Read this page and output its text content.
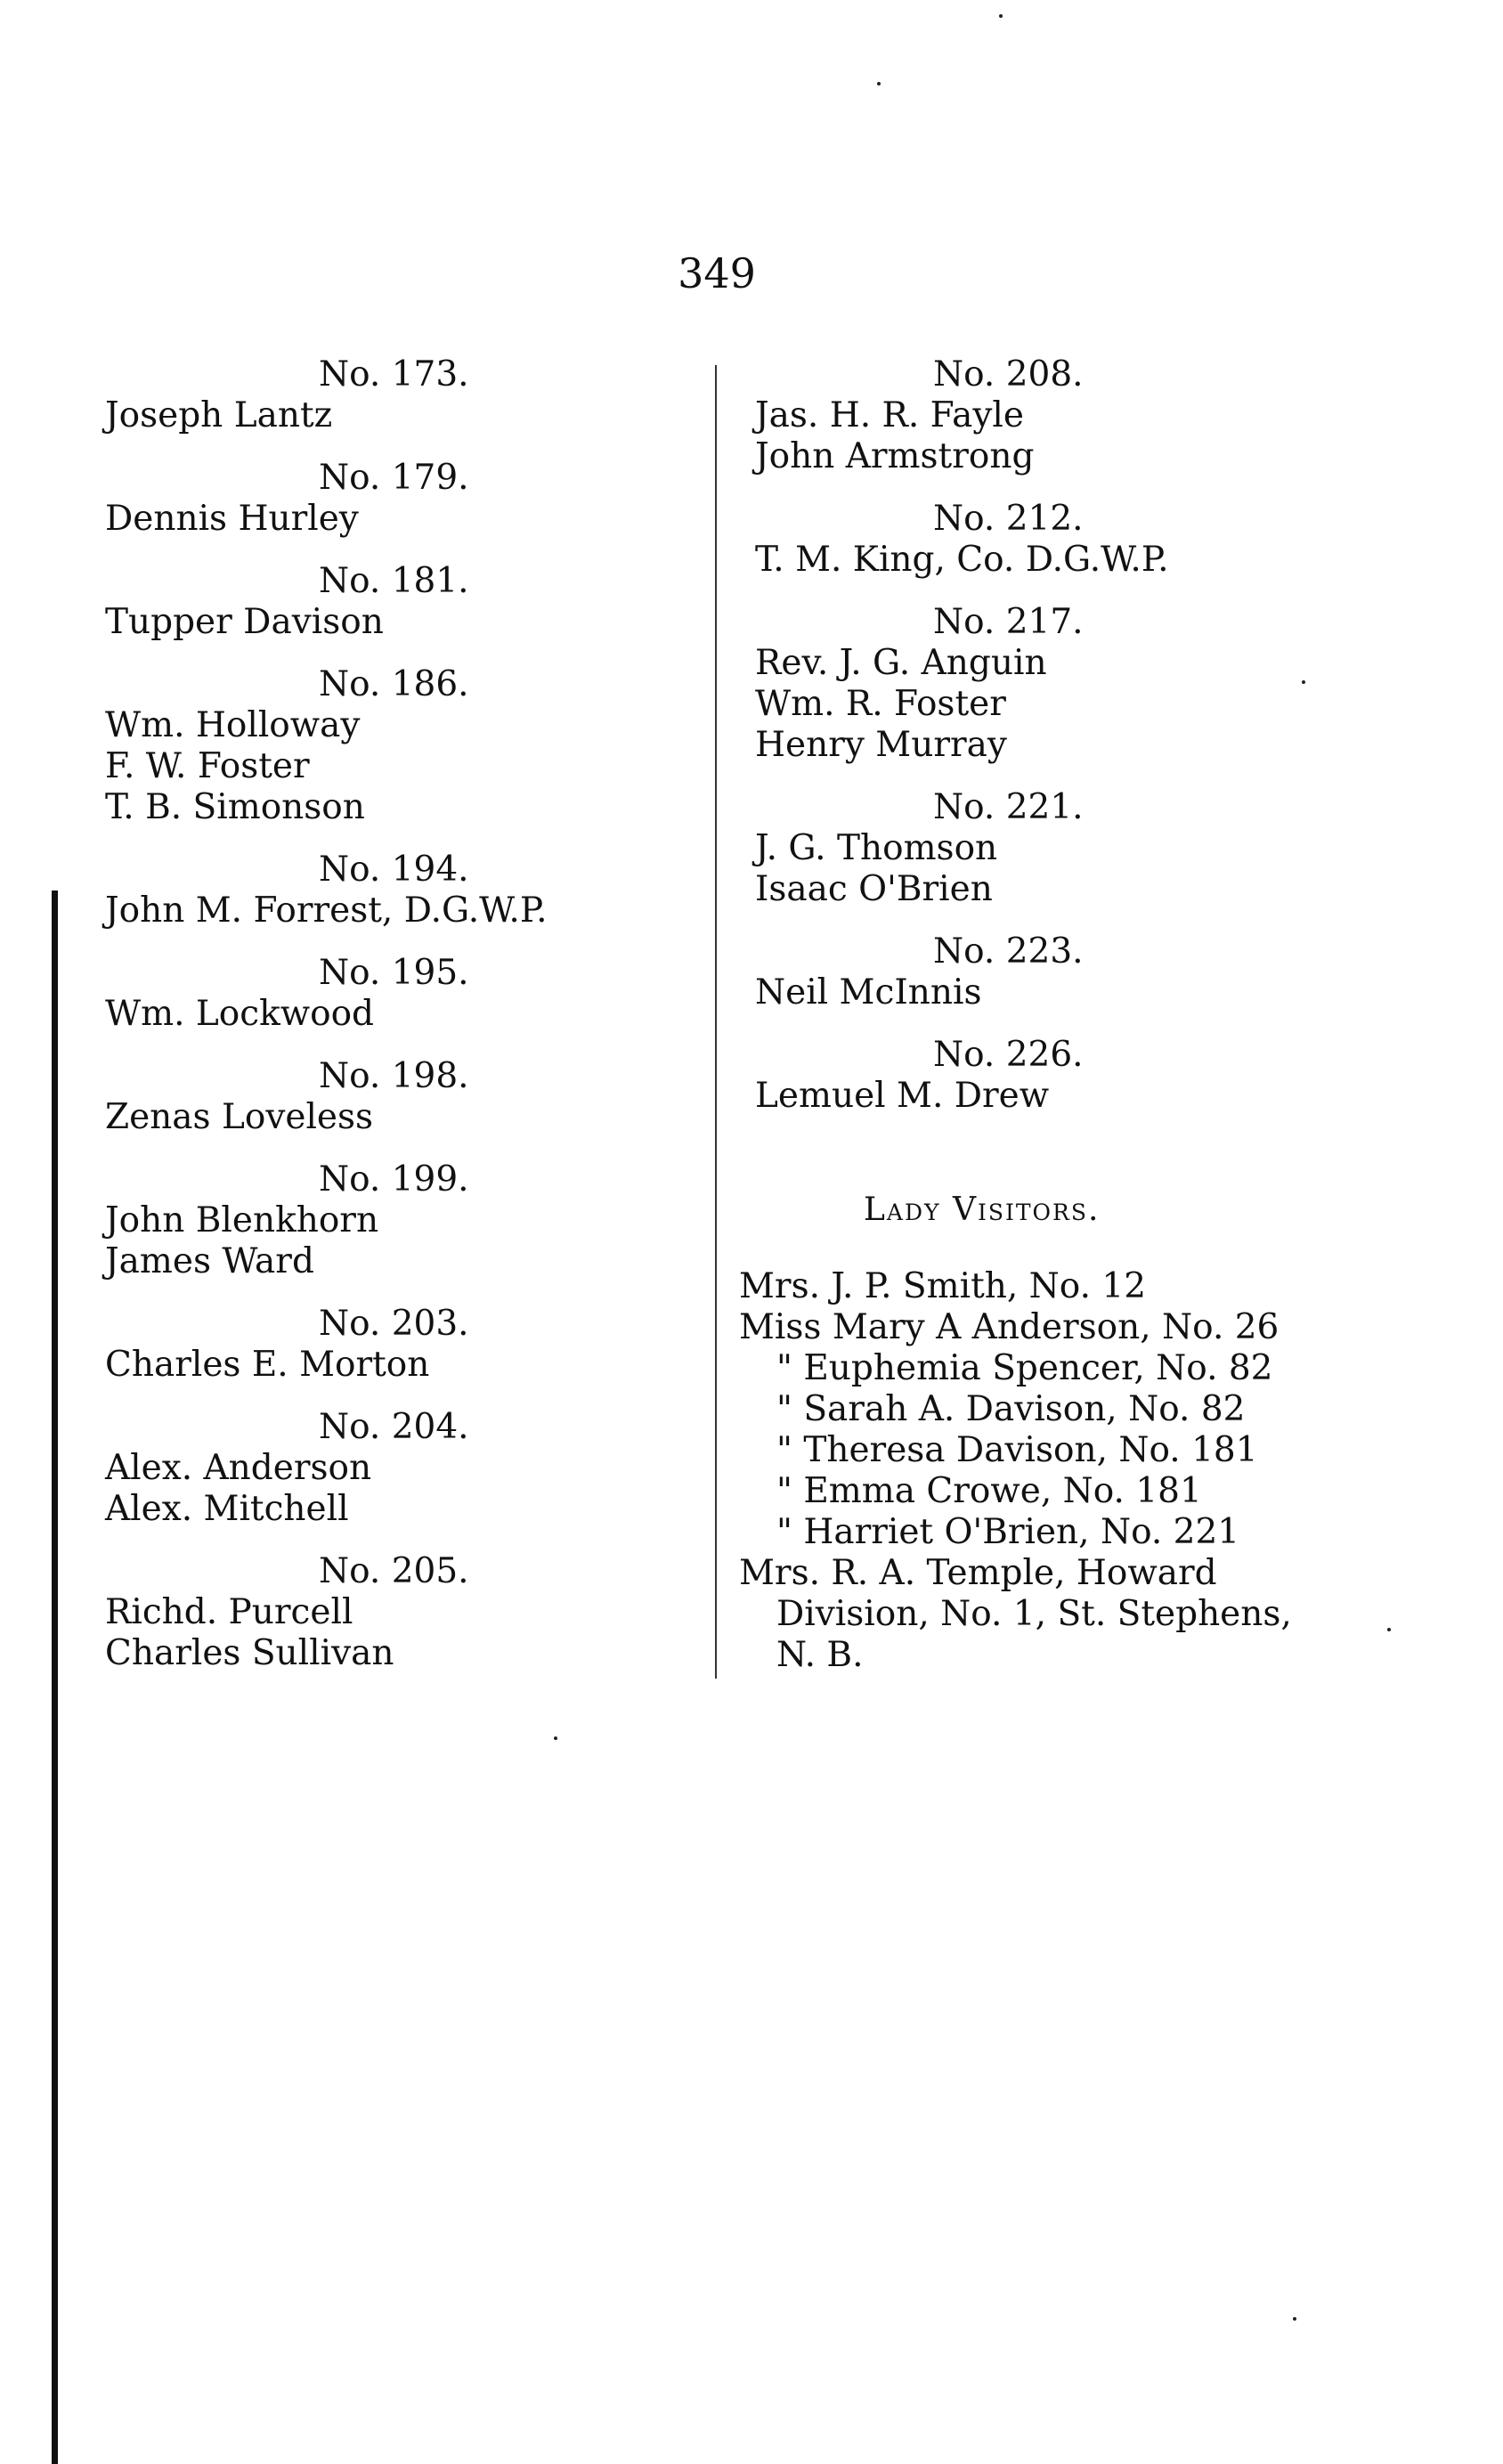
349
No. 173.
Joseph Lantz
No. 179.
Dennis Hurley
No. 181.
Tupper Davison
No. 186.
Wm. Holloway
F. W. Foster
T. B. Simonson
No. 194.
John M. Forrest, D.G.W.P.
No. 195.
Wm. Lockwood
No. 198.
Zenas Loveless
No. 199.
John Blenkhorn
James Ward
No. 203.
Charles E. Morton
No. 204.
Alex. Anderson
Alex. Mitchell
No. 205.
Richd. Purcell
Charles Sullivan
No. 208.
Jas. H. R. Fayle
John Armstrong
No. 212.
T. M. King, Co. D.G.W.P.
No. 217.
Rev. J. G. Anguin
Wm. R. Foster
Henry Murray
No. 221.
J. G. Thomson
Isaac O'Brien
No. 223.
Neil McInnis
No. 226.
Lemuel M. Drew
Lady Visitors.
Mrs. J. P. Smith, No. 12
Miss Mary A Anderson, No. 26
" Euphemia Spencer, No. 82
" Sarah A. Davison, No. 82
" Theresa Davison, No. 181
" Emma Crowe, No. 181
" Harriet O'Brien, No. 221
Mrs. R. A. Temple, Howard
Division, No. 1, St. Stephens,
N. B.
